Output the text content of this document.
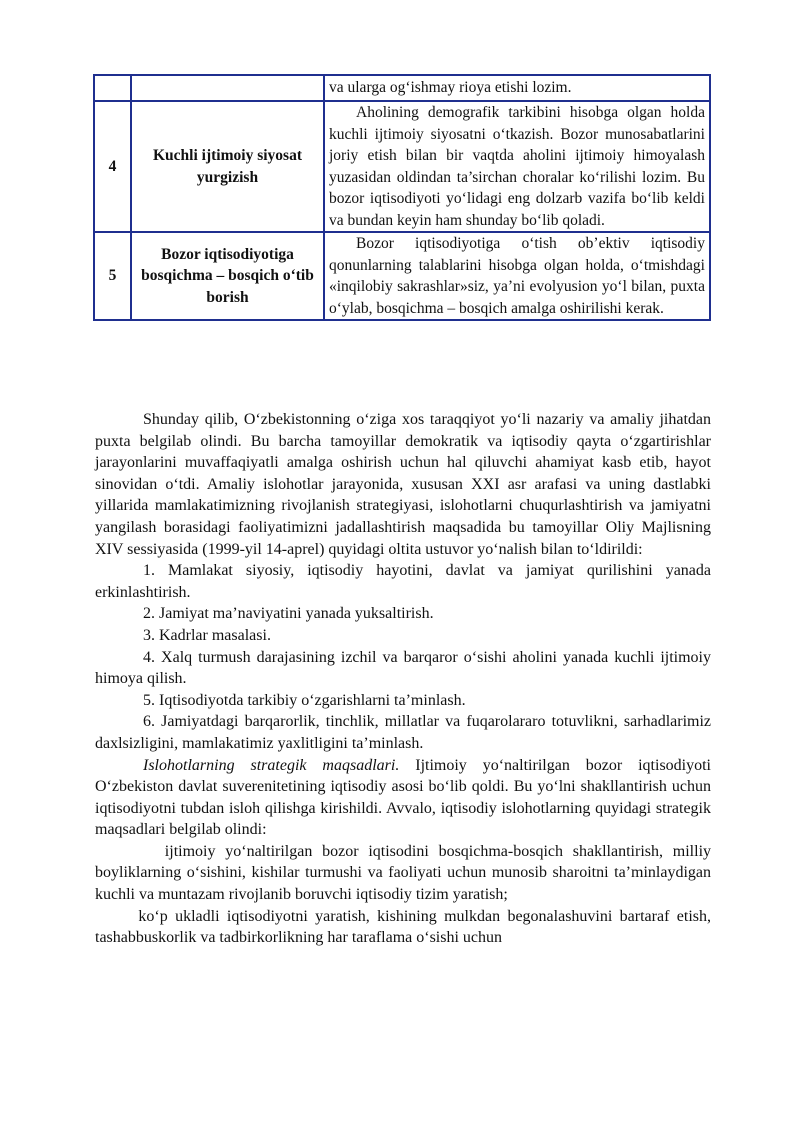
		va ularga og‘ishmay rioya etishi lozim.
4	Kuchli ijtimoiy siyosat yurgizish	Aholining demografik tarkibini hisobga olgan holda kuchli ijtimoiy siyosatni o‘tkazish. Bozor munosabatlarini joriy etish bilan bir vaqtda aholini ijtimoiy himoyalash yuzasidan oldindan ta’sirchan choralar ko‘rilishi lozim. Bu bozor iqtisodiyoti yo‘lidagi eng dolzarb vazifa bo‘lib keldi va bundan keyin ham shunday bo‘lib qoladi.
5	Bozor iqtisodiyotiga bosqichma – bosqich o‘tib borish	Bozor iqtisodiyotiga o‘tish ob’ektiv iqtisodiy qonunlarning talablarini hisobga olgan holda, o‘tmishdagi «inqilobiy sakrashlar»siz, ya’ni evolyusion yo‘l bilan, puxta o‘ylab, bosqichma – bosqich amalga oshirilishi kerak.

Shunday qilib, O‘zbekistonning o‘ziga xos taraqqiyot yo‘li nazariy va amaliy jihatdan puxta belgilab olindi. Bu barcha tamoyillar demokratik va iqtisodiy qayta o‘zgartirishlar jarayonlarini muvaffaqiyatli amalga oshirish uchun hal qiluvchi ahamiyat kasb etib, hayot sinovidan o‘tdi. Amaliy islohotlar jarayonida, xususan XXI asr arafasi va uning dastlabki yillarida mamlakatimizning rivojlanish strategiyasi, islohotlarni chuqurlashtirish va jamiyatni yangilash borasidagi faoliyatimizni jadallashtirish maqsadida bu tamoyillar Oliy Majlisning XIV sessiyasida (1999-yil 14-aprel) quyidagi oltita ustuvor yo‘nalish bilan to‘ldirildi:

1. Mamlakat siyosiy, iqtisodiy hayotini, davlat va jamiyat qurilishini yanada erkinlashtirish.

2. Jamiyat ma’naviyatini yanada yuksaltirish.

3. Kadrlar masalasi.

4. Xalq turmush darajasining izchil va barqaror o‘sishi aholini yanada kuchli ijtimoiy himoya qilish.

5. Iqtisodiyotda tarkibiy o‘zgarishlarni ta’minlash.

6. Jamiyatdagi barqarorlik, tinchlik, millatlar va fuqarolararo totuvlikni, sarhadlarimiz daxlsizligini, mamlakatimiz yaxlitligini ta’minlash.

Islohotlarning strategik maqsadlari. Ijtimoiy yo‘naltirilgan bozor iqtisodiyoti O‘zbekiston davlat suverenitetining iqtisodiy asosi bo‘lib qoldi. Bu yo‘lni shakllantirish uchun iqtisodiyotni tubdan isloh qilishga kirishildi. Avvalo, iqtisodiy islohotlarning quyidagi strategik maqsadlari belgilab olindi:

ijtimoiy yo‘naltirilgan bozor iqtisodini bosqichma-bosqich shakllantirish, milliy boyliklarning o‘sishini, kishilar turmushi va faoliyati uchun munosib sharoitni ta’minlaydigan kuchli va muntazam rivojlanib boruvchi iqtisodiy tizim yaratish;

ko‘p ukladli iqtisodiyotni yaratish, kishining mulkdan begonalashuvini bartaraf etish, tashabbuskorlik va tadbirkorlikning har taraflama o‘sishi uchun
